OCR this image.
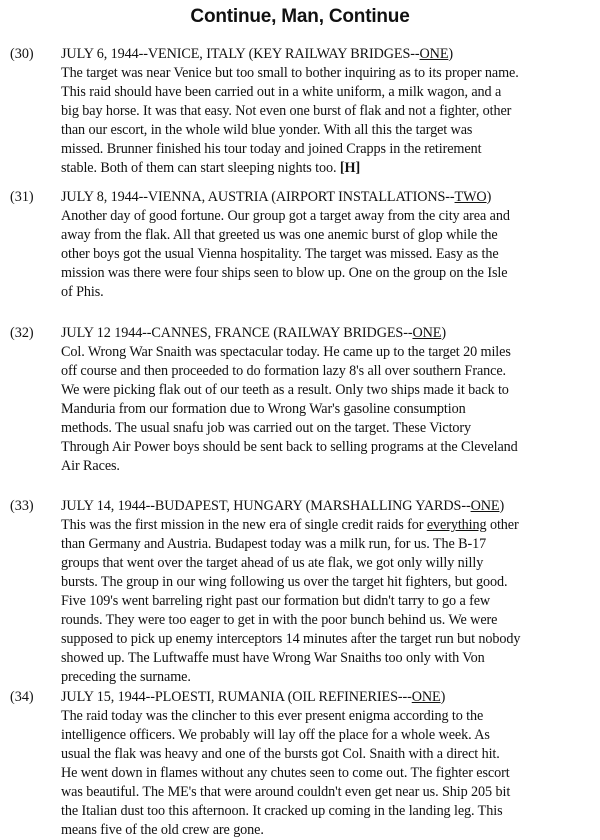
Continue, Man, Continue
(30) JULY 6, 1944--VENICE, ITALY (KEY RAILWAY BRIDGES--ONE)
The target was near Venice but too small to bother inquiring as to its proper name.
This raid should have been carried out in a white uniform, a milk wagon, and a
big bay horse. It was that easy. Not even one burst of flak and not a fighter, other
than our escort, in the whole wild blue yonder. With all this the target was
missed. Brunner finished his tour today and joined Crapps in the retirement
stable. Both of them can start sleeping nights too. [H]
(31) JULY 8, 1944--VIENNA, AUSTRIA (AIRPORT INSTALLATIONS--TWO)
Another day of good fortune. Our group got a target away from the city area and
away from the flak. All that greeted us was one anemic burst of glop while the
other boys got the usual Vienna hospitality. The target was missed. Easy as the
mission was there were four ships seen to blow up. One on the group on the Isle
of Phis.
(32) JULY 12 1944--CANNES, FRANCE (RAILWAY BRIDGES--ONE)
Col. Wrong War Snaith was spectacular today. He came up to the target 20 miles
off course and then proceeded to do formation lazy 8's all over southern France.
We were picking flak out of our teeth as a result. Only two ships made it back to
Manduria from our formation due to Wrong War's gasoline consumption
methods. The usual snafu job was carried out on the target. These Victory
Through Air Power boys should be sent back to selling programs at the Cleveland
Air Races.
(33) JULY 14, 1944--BUDAPEST, HUNGARY (MARSHALLING YARDS--ONE)
This was the first mission in the new era of single credit raids for everything other
than Germany and Austria. Budapest today was a milk run, for us. The B-17
groups that went over the target ahead of us ate flak, we got only willy nilly
bursts. The group in our wing following us over the target hit fighters, but good.
Five 109's went barreling right past our formation but didn't tarry to go a few
rounds. They were too eager to get in with the poor bunch behind us. We were
supposed to pick up enemy interceptors 14 minutes after the target run but nobody
showed up. The Luftwaffe must have Wrong War Snaiths too only with Von
preceding the surname.
(34) JULY 15, 1944--PLOESTI, RUMANIA (OIL REFINERIES---ONE)
The raid today was the clincher to this ever present enigma according to the
intelligence officers. We probably will lay off the place for a whole week. As
usual the flak was heavy and one of the bursts got Col. Snaith with a direct hit.
He went down in flames without any chutes seen to come out. The fighter escort
was beautiful. The ME's that were around couldn't even get near us. Ship 205 bit
the Italian dust too this afternoon. It cracked up coming in the landing leg. This
means five of the old crew are gone.
